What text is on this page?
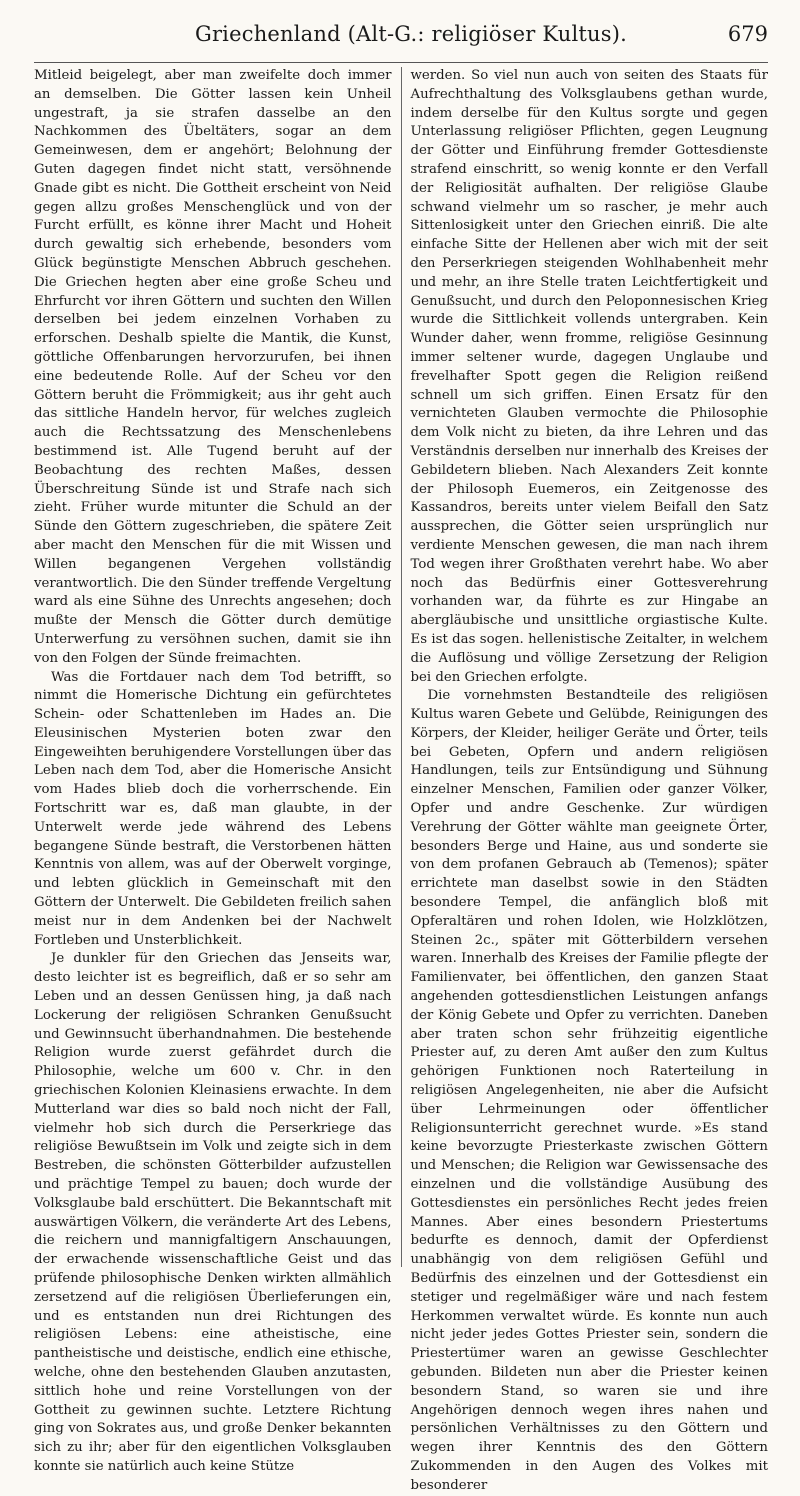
Griechenland (Alt-G.: religiöser Kultus).	679

Mitleid beigelegt, aber man zweifelte doch immer an demselben. Die Götter lassen kein Unheil ungestraft, ja sie strafen dasselbe an den Nachkommen des Übeltäters, sogar an dem Gemeinwesen, dem er angehört; Belohnung der Guten dagegen findet nicht statt, versöhnende Gnade gibt es nicht. Die Gottheit erscheint von Neid gegen allzu großes Menschenglück und von der Furcht erfüllt, es könne ihrer Macht und Hoheit durch gewaltig sich erhebende, besonders vom Glück begünstigte Menschen Abbruch geschehen. Die Griechen hegten aber eine große Scheu und Ehrfurcht vor ihren Göttern und suchten den Willen derselben bei jedem einzelnen Vorhaben zu erforschen. Deshalb spielte die Mantik, die Kunst, göttliche Offenbarungen hervorzurufen, bei ihnen eine bedeutende Rolle. Auf der Scheu vor den Göttern beruht die Frömmigkeit; aus ihr geht auch das sittliche Handeln hervor, für welches zugleich auch die Rechtssatzung des Menschenlebens bestimmend ist. Alle Tugend beruht auf der Beobachtung des rechten Maßes, dessen Überschreitung Sünde ist und Strafe nach sich zieht. Früher wurde mitunter die Schuld an der Sünde den Göttern zugeschrieben, die spätere Zeit aber macht den Menschen für die mit Wissen und Willen begangenen Vergehen vollständig verantwortlich. Die den Sünder treffende Vergeltung ward als eine Sühne des Unrechts angesehen; doch mußte der Mensch die Götter durch demütige Unterwerfung zu versöhnen suchen, damit sie ihn von den Folgen der Sünde freimachten.

Was die Fortdauer nach dem Tod betrifft, so nimmt die Homerische Dichtung ein gefürchtetes Schein- oder Schattenleben im Hades an. Die Eleusinischen Mysterien boten zwar den Eingeweihten beruhigendere Vorstellungen über das Leben nach dem Tod, aber die Homerische Ansicht vom Hades blieb doch die vorherrschende. Ein Fortschritt war es, daß man glaubte, in der Unterwelt werde jede während des Lebens begangene Sünde bestraft, die Verstorbenen hätten Kenntnis von allem, was auf der Oberwelt vorginge, und lebten glücklich in Gemeinschaft mit den Göttern der Unterwelt. Die Gebildeten freilich sahen meist nur in dem Andenken bei der Nachwelt Fortleben und Unsterblichkeit.

Je dunkler für den Griechen das Jenseits war, desto leichter ist es begreiflich, daß er so sehr am Leben und an dessen Genüssen hing, ja daß nach Lockerung der religiösen Schranken Genußsucht und Gewinnsucht überhandnahmen. Die bestehende Religion wurde zuerst gefährdet durch die Philosophie, welche um 600 v. Chr. in den griechischen Kolonien Kleinasiens erwachte. In dem Mutterland war dies so bald noch nicht der Fall, vielmehr hob sich durch die Perserkriege das religiöse Bewußtsein im Volk und zeigte sich in dem Bestreben, die schönsten Götterbilder aufzustellen und prächtige Tempel zu bauen; doch wurde der Volksglaube bald erschüttert. Die Bekanntschaft mit auswärtigen Völkern, die veränderte Art des Lebens, die reichern und mannigfaltigern Anschauungen, der erwachende wissenschaftliche Geist und das prüfende philosophische Denken wirkten allmählich zersetzend auf die religiösen Überlieferungen ein, und es entstanden nun drei Richtungen des religiösen Lebens: eine atheistische, eine pantheistische und deistische, endlich eine ethische, welche, ohne den bestehenden Glauben anzutasten, sittlich hohe und reine Vorstellungen von der Gottheit zu gewinnen suchte. Letztere Richtung ging von Sokrates aus, und große Denker bekannten sich zu ihr; aber für den eigentlichen Volksglauben konnte sie natürlich auch keine Stütze

werden. So viel nun auch von seiten des Staats für Aufrechthaltung des Volksglaubens gethan wurde, indem derselbe für den Kultus sorgte und gegen Unterlassung religiöser Pflichten, gegen Leugnung der Götter und Einführung fremder Gottesdienste strafend einschritt, so wenig konnte er den Verfall der Religiosität aufhalten. Der religiöse Glaube schwand vielmehr um so rascher, je mehr auch Sittenlosigkeit unter den Griechen einriß. Die alte einfache Sitte der Hellenen aber wich mit der seit den Perserkriegen steigenden Wohlhabenheit mehr und mehr, an ihre Stelle traten Leichtfertigkeit und Genußsucht, und durch den Peloponnesischen Krieg wurde die Sittlichkeit vollends untergraben. Kein Wunder daher, wenn fromme, religiöse Gesinnung immer seltener wurde, dagegen Unglaube und frevelhafter Spott gegen die Religion reißend schnell um sich griffen. Einen Ersatz für den vernichteten Glauben vermochte die Philosophie dem Volk nicht zu bieten, da ihre Lehren und das Verständnis derselben nur innerhalb des Kreises der Gebildetern blieben. Nach Alexanders Zeit konnte der Philosoph Euemeros, ein Zeitgenosse des Kassandros, bereits unter vielem Beifall den Satz aussprechen, die Götter seien ursprünglich nur verdiente Menschen gewesen, die man nach ihrem Tod wegen ihrer Großthaten verehrt habe. Wo aber noch das Bedürfnis einer Gottesverehrung vorhanden war, da führte es zur Hingabe an abergläubische und unsittliche orgiastische Kulte. Es ist das sogen. hellenistische Zeitalter, in welchem die Auflösung und völlige Zersetzung der Religion bei den Griechen erfolgte.

Die vornehmsten Bestandteile des religiösen Kultus waren Gebete und Gelübde, Reinigungen des Körpers, der Kleider, heiliger Geräte und Örter, teils bei Gebeten, Opfern und andern religiösen Handlungen, teils zur Entsündigung und Sühnung einzelner Menschen, Familien oder ganzer Völker, Opfer und andre Geschenke. Zur würdigen Verehrung der Götter wählte man geeignete Örter, besonders Berge und Haine, aus und sonderte sie von dem profanen Gebrauch ab (Temenos); später errichtete man daselbst sowie in den Städten besondere Tempel, die anfänglich bloß mit Opferaltären und rohen Idolen, wie Holzklötzen, Steinen 2c., später mit Götterbildern versehen waren. Innerhalb des Kreises der Familie pflegte der Familienvater, bei öffentlichen, den ganzen Staat angehenden gottesdienstlichen Leistungen anfangs der König Gebete und Opfer zu verrichten. Daneben aber traten schon sehr frühzeitig eigentliche Priester auf, zu deren Amt außer den zum Kultus gehörigen Funktionen noch Raterteilung in religiösen Angelegenheiten, nie aber die Aufsicht über Lehrmeinungen oder öffentlicher Religionsunterricht gerechnet wurde. »Es stand keine bevorzugte Priesterkaste zwischen Göttern und Menschen; die Religion war Gewissensache des einzelnen und die vollständige Ausübung des Gottesdienstes ein persönliches Recht jedes freien Mannes. Aber eines besondern Priestertums bedurfte es dennoch, damit der Opferdienst unabhängig von dem religiösen Gefühl und Bedürfnis des einzelnen und der Gottesdienst ein stetiger und regelmäßiger wäre und nach festem Herkommen verwaltet würde. Es konnte nun auch nicht jeder jedes Gottes Priester sein, sondern die Priestertümer waren an gewisse Geschlechter gebunden. Bildeten nun aber die Priester keinen besondern Stand, so waren sie und ihre Angehörigen dennoch wegen ihres nahen und persönlichen Verhältnisses zu den Göttern und wegen ihrer Kenntnis des den Göttern Zukommenden in den Augen des Volkes mit besonderer
